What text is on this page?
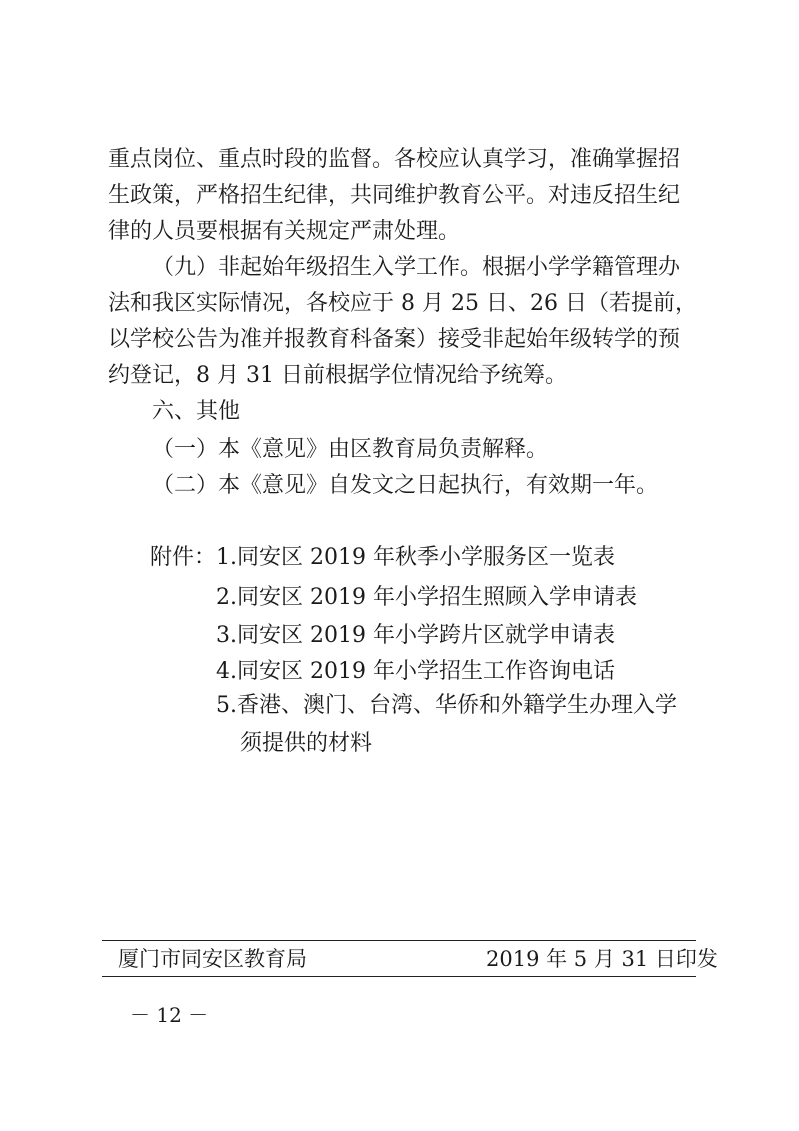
重点岗位、重点时段的监督。各校应认真学习，准确掌握招
生政策，严格招生纪律，共同维护教育公平。对违反招生纪
律的人员要根据有关规定严肃处理。
（九）非起始年级招生入学工作。根据小学学籍管理办
法和我区实际情况，各校应于 8 月 25 日、26 日（若提前，
以学校公告为准并报教育科备案）接受非起始年级转学的预
约登记，8 月 31 日前根据学位情况给予统筹。
六、其他
（一）本《意见》由区教育局负责解释。
（二）本《意见》自发文之日起执行，有效期一年。
附件： 1.同安区 2019 年秋季小学服务区一览表
2.同安区 2019 年小学招生照顾入学申请表
3.同安区 2019 年小学跨片区就学申请表
4.同安区 2019 年小学招生工作咨询电话
5.香港、澳门、台湾、华侨和外籍学生办理入学
须提供的材料
厦门市同安区教育局	2019 年 5 月 31 日印发
－ 12 －
